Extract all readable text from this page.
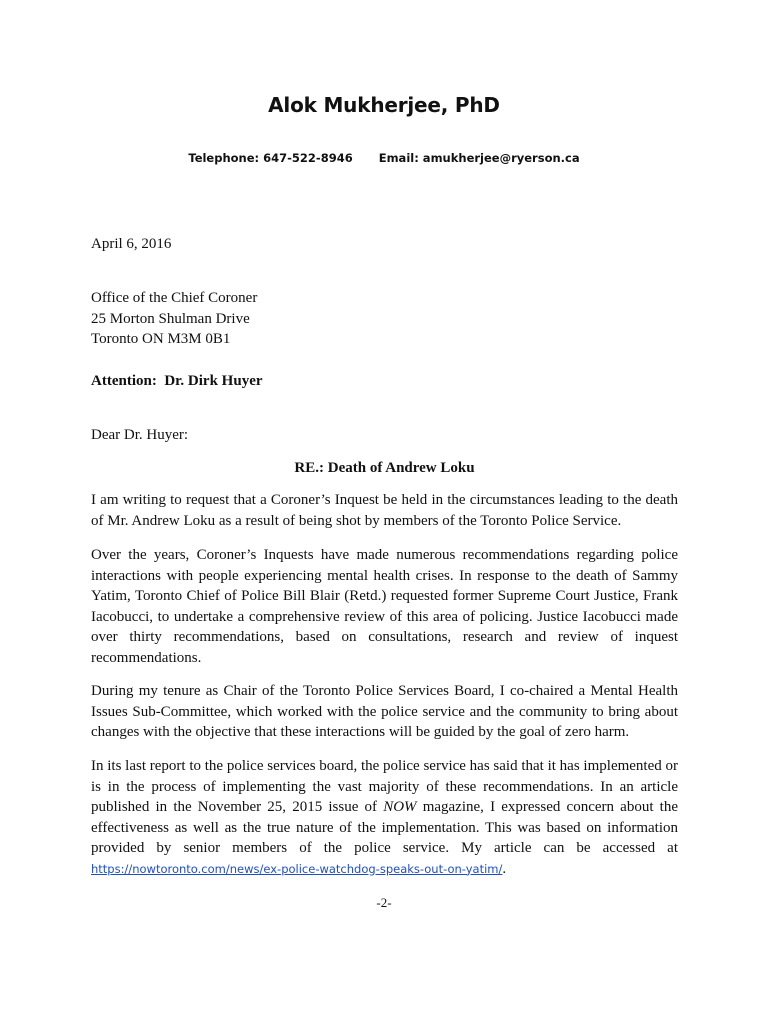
Alok Mukherjee, PhD
Telephone: 647-522-8946 Email: amukherjee@ryerson.ca
April 6, 2016
Office of the Chief Coroner
25 Morton Shulman Drive
Toronto ON M3M 0B1
Attention:  Dr. Dirk Huyer
Dear Dr. Huyer:
RE.: Death of Andrew Loku

I am writing to request that a Coroner’s Inquest be held in the circumstances leading to the death of Mr. Andrew Loku as a result of being shot by members of the Toronto Police Service.

Over the years, Coroner’s Inquests have made numerous recommendations regarding police interactions with people experiencing mental health crises. In response to the death of Sammy Yatim, Toronto Chief of Police Bill Blair (Retd.) requested former Supreme Court Justice, Frank Iacobucci, to undertake a comprehensive review of this area of policing. Justice Iacobucci made over thirty recommendations, based on consultations, research and review of inquest recommendations.

During my tenure as Chair of the Toronto Police Services Board, I co-chaired a Mental Health Issues Sub-Committee, which worked with the police service and the community to bring about changes with the objective that these interactions will be guided by the goal of zero harm.

In its last report to the police services board, the police service has said that it has implemented or is in the process of implementing the vast majority of these recommendations. In an article published in the November 25, 2015 issue of NOW magazine, I expressed concern about the effectiveness as well as the true nature of the implementation. This was based on information provided by senior members of the police service. My article can be accessed at https://nowtoronto.com/news/ex-police-watchdog-speaks-out-on-yatim/.

-2-
